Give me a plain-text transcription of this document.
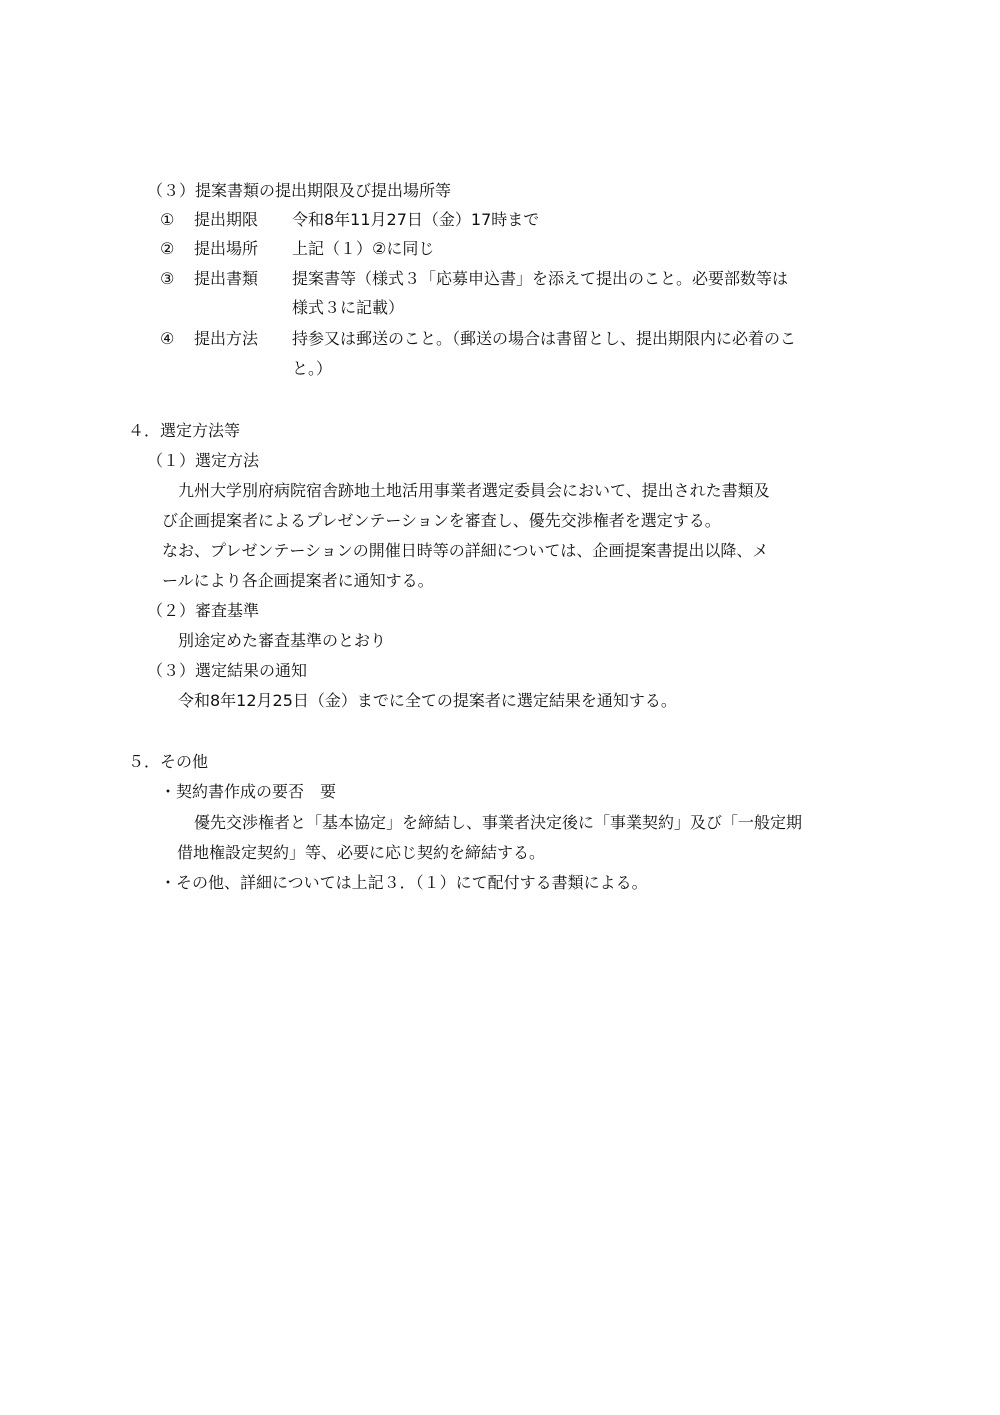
（３）提案書類の提出期限及び提出場所等
① 提出期限 令和8年11月27日（金）17時まで
② 提出場所 上記（１）②に同じ
③ 提出書類 提案書等（様式３「応募申込書」を添えて提出のこと。必要部数等は
様式３に記載）
④ 提出方法 持参又は郵送のこと。（郵送の場合は書留とし、提出期限内に必着のこ
と。）
４．選定方法等
（１）選定方法
九州大学別府病院宿舎跡地土地活用事業者選定委員会において、提出された書類及
び企画提案者によるプレゼンテーションを審査し、優先交渉権者を選定する。
なお、プレゼンテーションの開催日時等の詳細については、企画提案書提出以降、メ
ールにより各企画提案者に通知する。
（２）審査基準
別途定めた審査基準のとおり
（３）選定結果の通知
令和8年12月25日（金）までに全ての提案者に選定結果を通知する。
５．その他
・契約書作成の要否　要
優先交渉権者と「基本協定」を締結し、事業者決定後に「事業契約」及び「一般定期
借地権設定契約」等、必要に応じ契約を締結する。
・その他、詳細については上記３．（１）にて配付する書類による。
